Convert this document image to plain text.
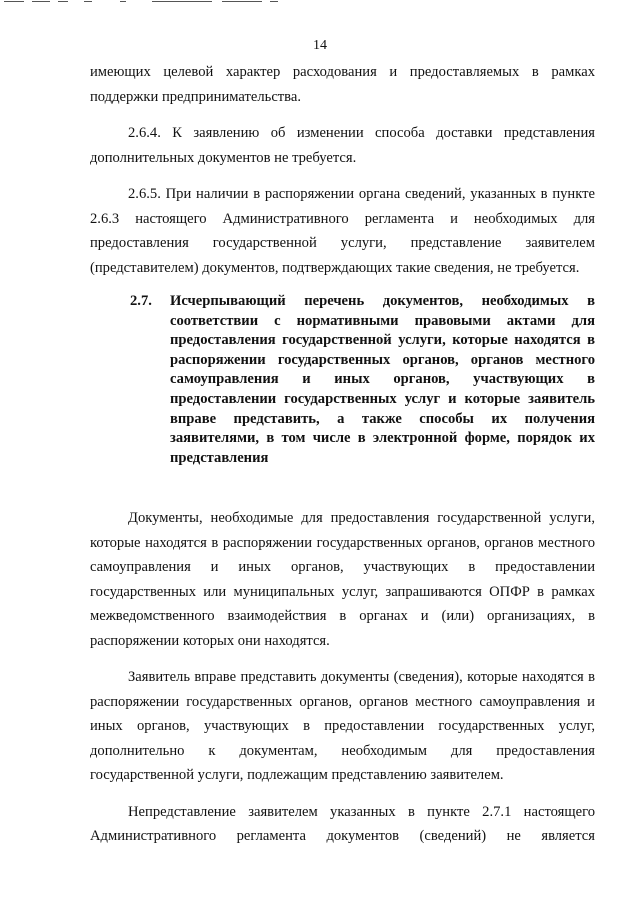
14

имеющих целевой характер расходования и предоставляемых в рамках поддержки предпринимательства.

2.6.4. К заявлению об изменении способа доставки представления дополнительных документов не требуется.

2.6.5. При наличии в распоряжении органа сведений, указанных в пункте 2.6.3 настоящего Административного регламента и необходимых для предоставления государственной услуги, представление заявителем (представителем) документов, подтверждающих такие сведения, не требуется.

2.7.	Исчерпывающий перечень документов, необходимых в соответствии с нормативными правовыми актами для предоставления государственной услуги, которые находятся в распоряжении государственных органов, органов местного самоуправления и иных органов, участвующих в предоставлении государственных услуг и которые заявитель вправе представить, а также способы их получения заявителями, в том числе в электронной форме, порядок их представления

Документы, необходимые для предоставления государственной услуги, которые находятся в распоряжении государственных органов, органов местного самоуправления и иных органов, участвующих в предоставлении государственных или муниципальных услуг, запрашиваются ОПФР в рамках межведомственного взаимодействия в органах и (или) организациях, в распоряжении которых они находятся.

Заявитель вправе представить документы (сведения), которые находятся в распоряжении государственных органов, органов местного самоуправления и иных органов, участвующих в предоставлении государственных услуг, дополнительно к документам, необходимым для предоставления государственной услуги, подлежащим представлению заявителем.

Непредставление заявителем указанных в пункте 2.7.1 настоящего Административного регламента документов (сведений) не является
